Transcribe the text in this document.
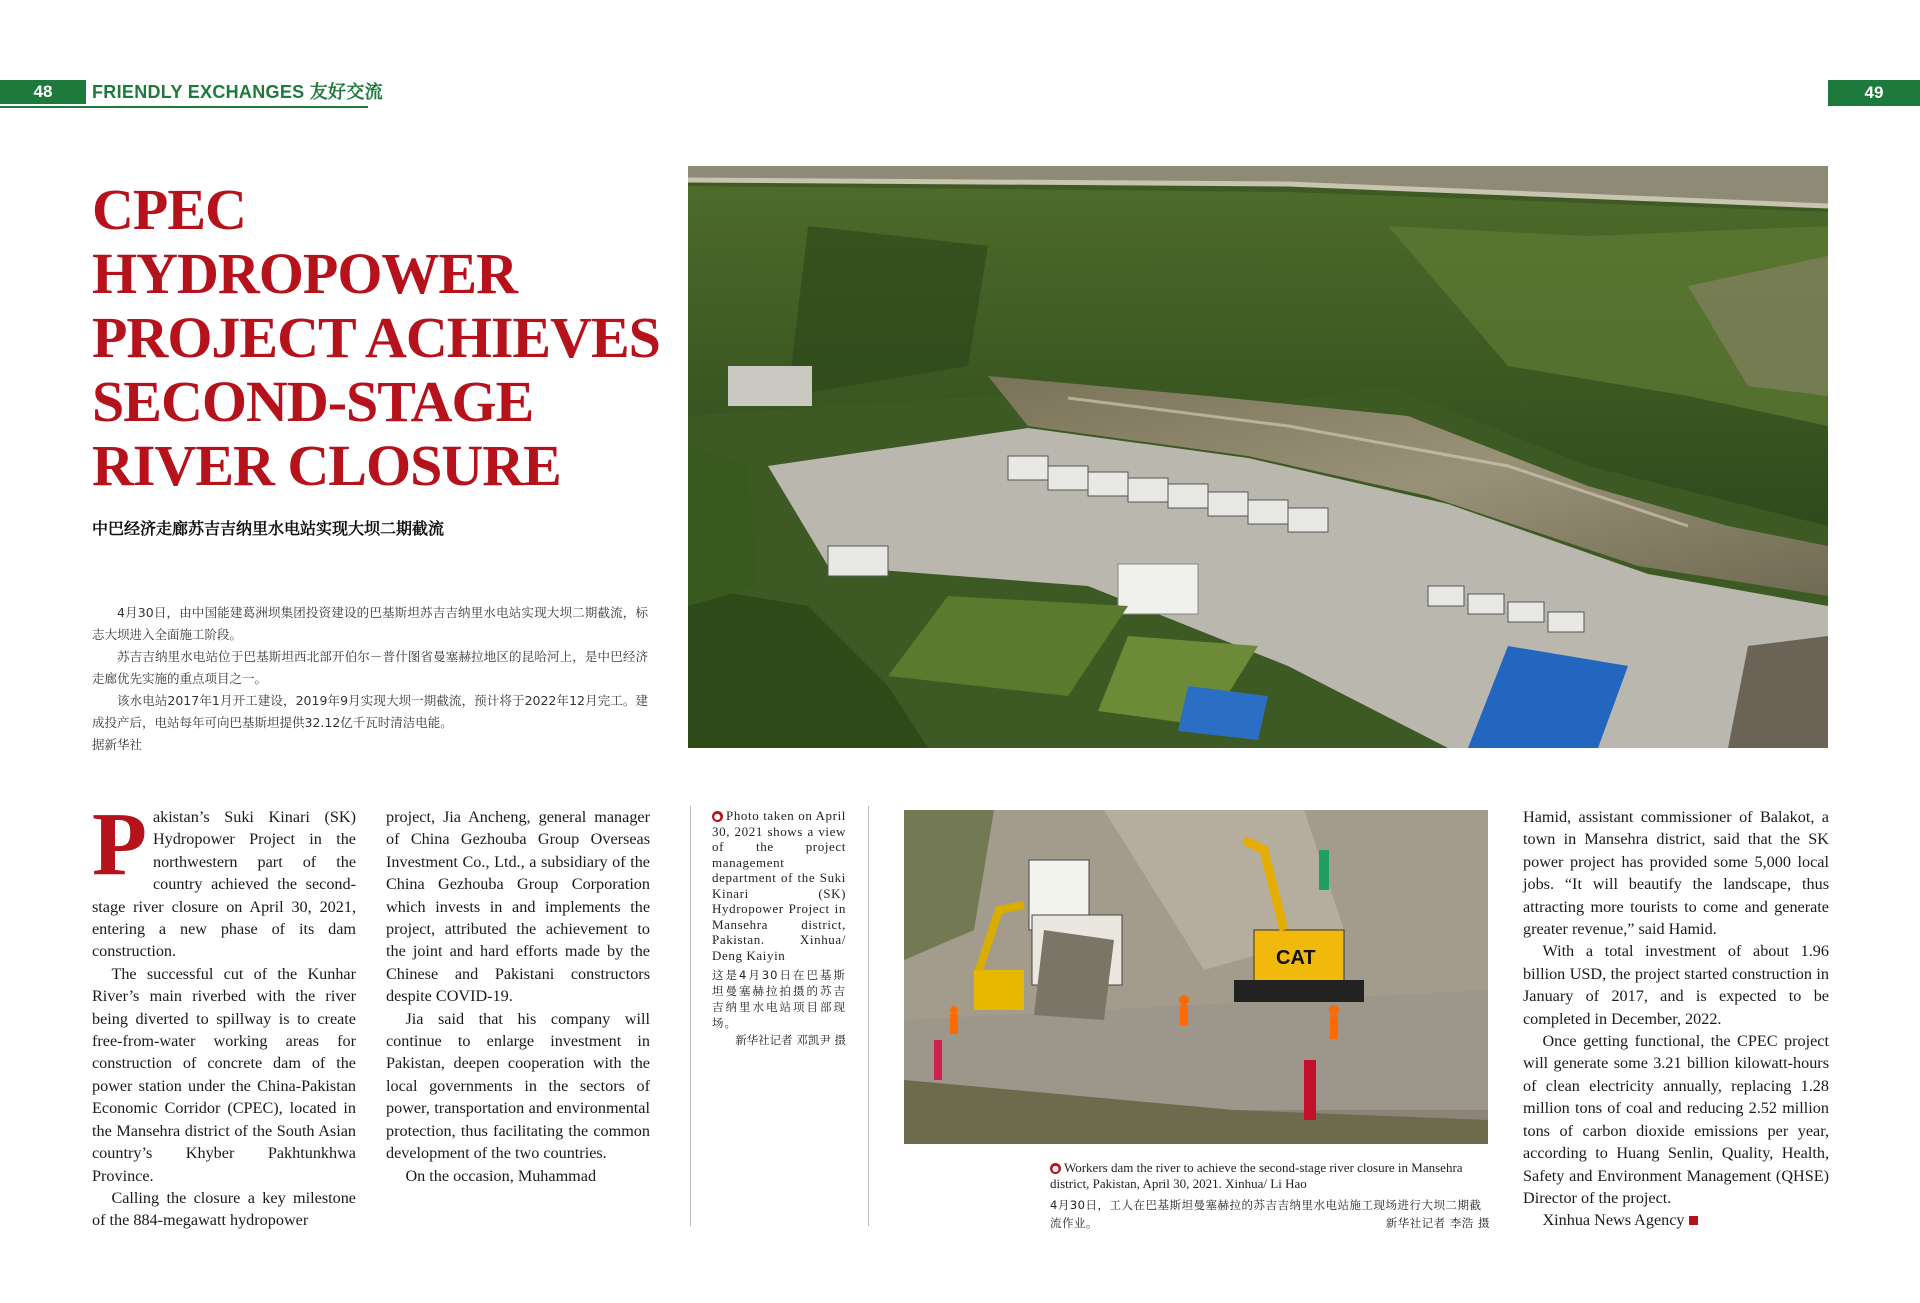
48	FRIENDLY EXCHANGES 友好交流	49
CPEC
HYDROPOWER
PROJECT ACHIEVES
SECOND-STAGE
RIVER CLOSURE
中巴经济走廊苏吉吉纳里水电站实现大坝二期截流

4月30日，由中国能建葛洲坝集团投资建设的巴基斯坦苏吉吉纳里水电站实现大坝二期截流，标志大坝进入全面施工阶段。

苏吉吉纳里水电站位于巴基斯坦西北部开伯尔－普什图省曼塞赫拉地区的昆哈河上，是中巴经济走廊优先实施的重点项目之一。

该水电站2017年1月开工建设，2019年9月实现大坝一期截流，预计将于2022年12月完工。建成投产后，电站每年可向巴基斯坦提供32.12亿千瓦时清洁电能。

据新华社

Pakistan’s Suki Kinari (SK) Hydropower Project in the northwestern part of the country achieved the second-stage river closure on April 30, 2021, entering a new phase of its dam construction.

The successful cut of the Kunhar River’s main riverbed with the river being diverted to spillway is to create free-from-water working areas for construction of concrete dam of the power station under the China-Pakistan Economic Corridor (CPEC), located in the Mansehra district of the South Asian country’s Khyber Pakhtunkhwa Province.

Calling the closure a key milestone of the 884-megawatt hydropower

project, Jia Ancheng, general manager of China Gezhouba Group Overseas Investment Co., Ltd., a subsidiary of the China Gezhouba Group Corporation which invests in and implements the project, attributed the achievement to the joint and hard efforts made by the Chinese and Pakistani constructors despite COVID-19.

Jia said that his company will continue to enlarge investment in Pakistan, deepen cooperation with the local governments in the sectors of power, transportation and environmental protection, thus facilitating the common development of the two countries.

On the occasion, Muhammad

● Photo taken on April 30, 2021 shows a view of the project management department of the Suki Kinari (SK) Hydropower Project in Mansehra district, Pakistan. Xinhua/ Deng Kaiyin
这是4月30日在巴基斯坦曼塞赫拉拍摄的苏吉吉纳里水电站项目部现场。
新华社记者 邓凯尹 摄
CAT
● Workers dam the river to achieve the second-stage river closure in Mansehra district, Pakistan, April 30, 2021. Xinhua/ Li Hao
4月30日，工人在巴基斯坦曼塞赫拉的苏吉吉纳里水电站施工现场进行大坝二期截流作业。	新华社记者 李浩 摄

Hamid, assistant commissioner of Balakot, a town in Mansehra district, said that the SK power project has provided some 5,000 local jobs. “It will beautify the landscape, thus attracting more tourists to come and generate greater revenue,” said Hamid.

With a total investment of about 1.96 billion USD, the project started construction in January of 2017, and is expected to be completed in December, 2022.

Once getting functional, the CPEC project will generate some 3.21 billion kilowatt-hours of clean electricity annually, replacing 1.28 million tons of coal and reducing 2.52 million tons of carbon dioxide emissions per year, according to Huang Senlin, Quality, Health, Safety and Environment Management (QHSE) Director of the project.

Xinhua News Agency
